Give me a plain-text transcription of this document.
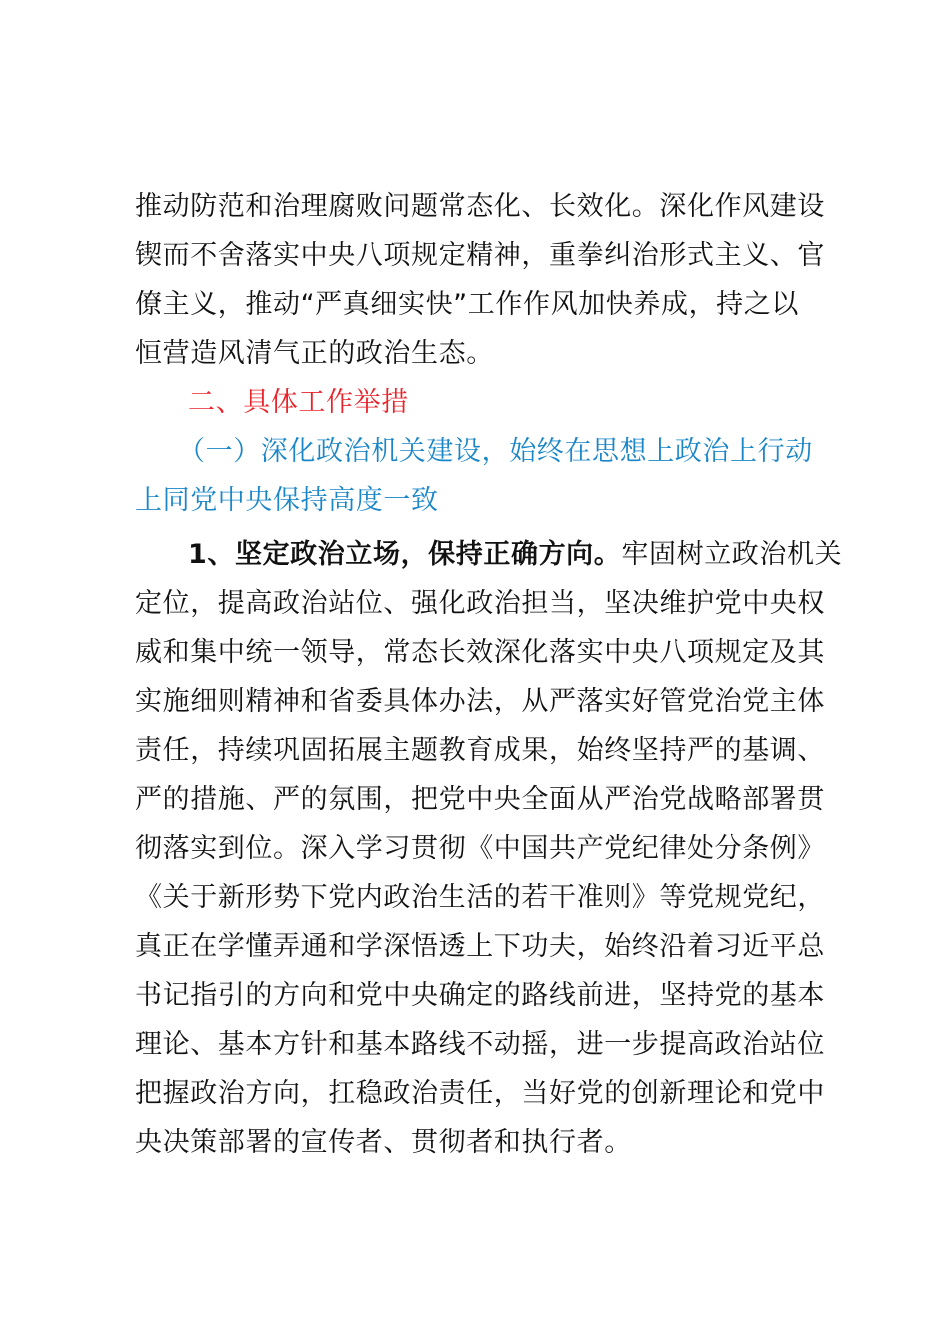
推动防范和治理腐败问题常态化、长效化。深化作风建设
锲而不舍落实中央八项规定精神，重拳纠治形式主义、官
僚主义，推动“严真细实快”工作作风加快养成，持之以
恒营造风清气正的政治生态。
二、具体工作举措
（一）深化政治机关建设，始终在思想上政治上行动
上同党中央保持高度一致
1、坚定政治立场，保持正确方向。牢固树立政治机关
定位，提高政治站位、强化政治担当，坚决维护党中央权
威和集中统一领导，常态长效深化落实中央八项规定及其
实施细则精神和省委具体办法，从严落实好管党治党主体
责任，持续巩固拓展主题教育成果，始终坚持严的基调、
严的措施、严的氛围，把党中央全面从严治党战略部署贯
彻落实到位。深入学习贯彻《中国共产党纪律处分条例》
《关于新形势下党内政治生活的若干准则》等党规党纪，
真正在学懂弄通和学深悟透上下功夫，始终沿着习近平总
书记指引的方向和党中央确定的路线前进，坚持党的基本
理论、基本方针和基本路线不动摇，进一步提高政治站位
把握政治方向，扛稳政治责任，当好党的创新理论和党中
央决策部署的宣传者、贯彻者和执行者。
